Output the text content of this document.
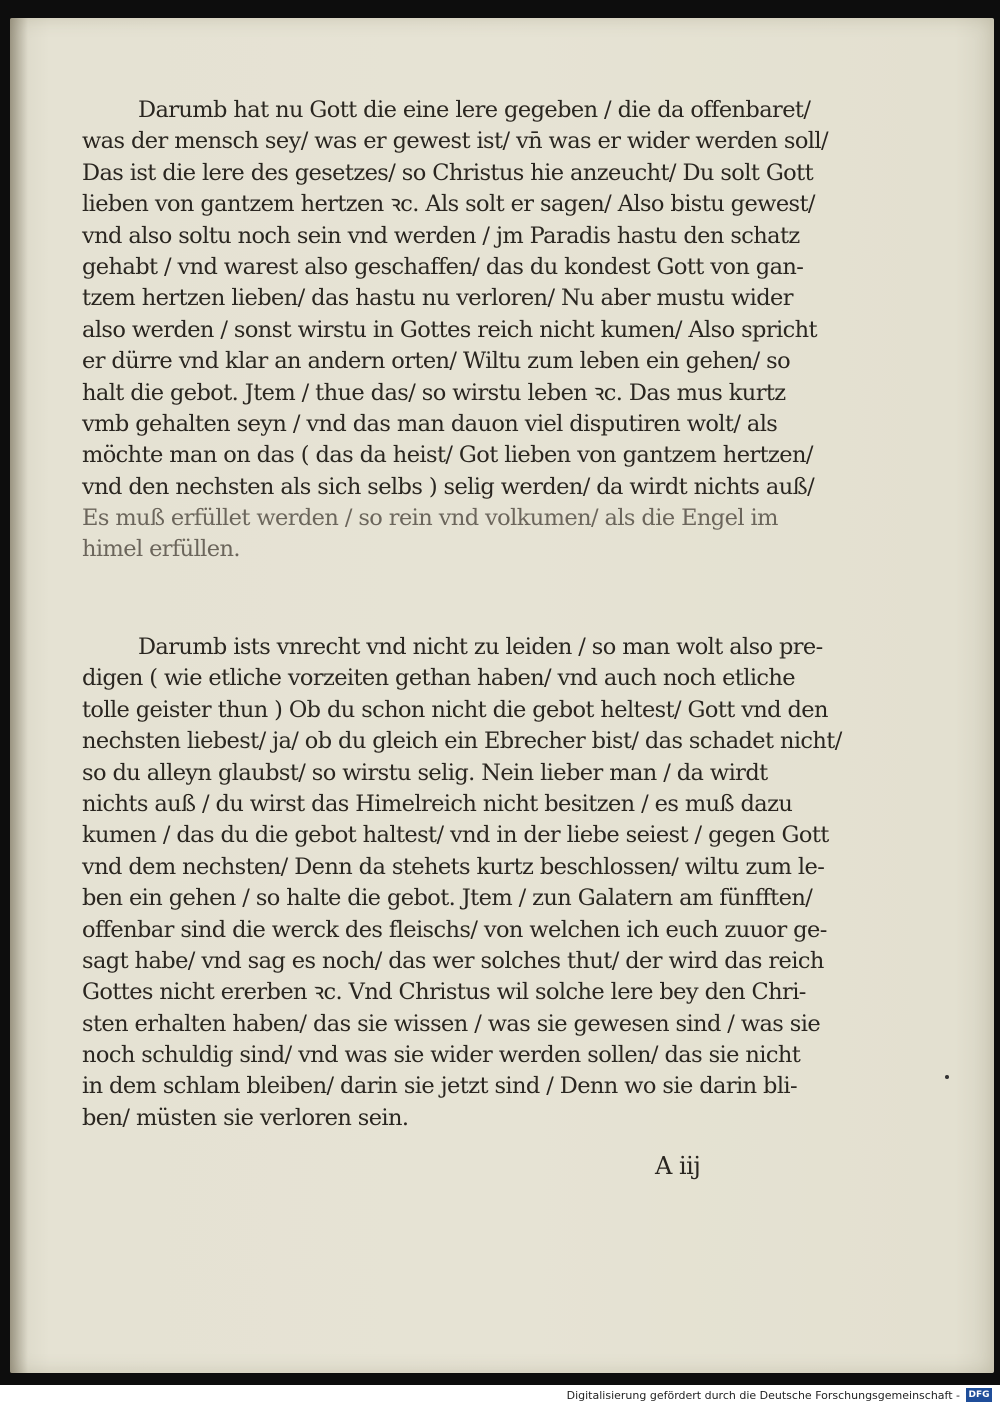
Darumb hat nu Gott die eine lere gegeben / die da offenbaret/
was der mensch sey/ was er gewest ist/ vn̄ was er wider werden soll/
Das ist die lere des gesetzes/ so Christus hie anzeucht/ Du solt Gott
lieben von gantzem hertzen ꝛc. Als solt er sagen/ Also bistu gewest/
vnd also soltu noch sein vnd werden / jm Paradis hastu den schatz
gehabt / vnd warest also geschaffen/ das du kondest Gott von gan-
tzem hertzen lieben/ das hastu nu verloren/ Nu aber mustu wider
also werden / sonst wirstu in Gottes reich nicht kumen/ Also spricht
er dürre vnd klar an andern orten/ Wiltu zum leben ein gehen/ so
halt die gebot. Jtem / thue das/ so wirstu leben ꝛc. Das mus kurtz
vmb gehalten seyn / vnd das man dauon viel disputiren wolt/ als
möchte man on das ( das da heist/ Got lieben von gantzem hertzen/
vnd den nechsten als sich selbs ) selig werden/ da wirdt nichts auß/
Es muß erfüllet werden / so rein vnd volkumen/ als die Engel im
himel erfüllen.
Darumb ists vnrecht vnd nicht zu leiden / so man wolt also pre-
digen ( wie etliche vorzeiten gethan haben/ vnd auch noch etliche
tolle geister thun ) Ob du schon nicht die gebot heltest/ Gott vnd den
nechsten liebest/ ja/ ob du gleich ein Ebrecher bist/ das schadet nicht/
so du alleyn glaubst/ so wirstu selig. Nein lieber man / da wirdt
nichts auß / du wirst das Himelreich nicht besitzen / es muß dazu
kumen / das du die gebot haltest/ vnd in der liebe seiest / gegen Gott
vnd dem nechsten/ Denn da stehets kurtz beschlossen/ wiltu zum le-
ben ein gehen / so halte die gebot. Jtem / zun Galatern am fünfften/
offenbar sind die werck des fleischs/ von welchen ich euch zuuor ge-
sagt habe/ vnd sag es noch/ das wer solches thut/ der wird das reich
Gottes nicht ererben ꝛc. Vnd Christus wil solche lere bey den Chri-
sten erhalten haben/ das sie wissen / was sie gewesen sind / was sie
noch schuldig sind/ vnd was sie wider werden sollen/ das sie nicht
in dem schlam bleiben/ darin sie jetzt sind / Denn wo sie darin bli-
ben/ müsten sie verloren sein.
A iij
Digitalisierung gefördert durch die Deutsche Forschungsgemeinschaft - DFG
